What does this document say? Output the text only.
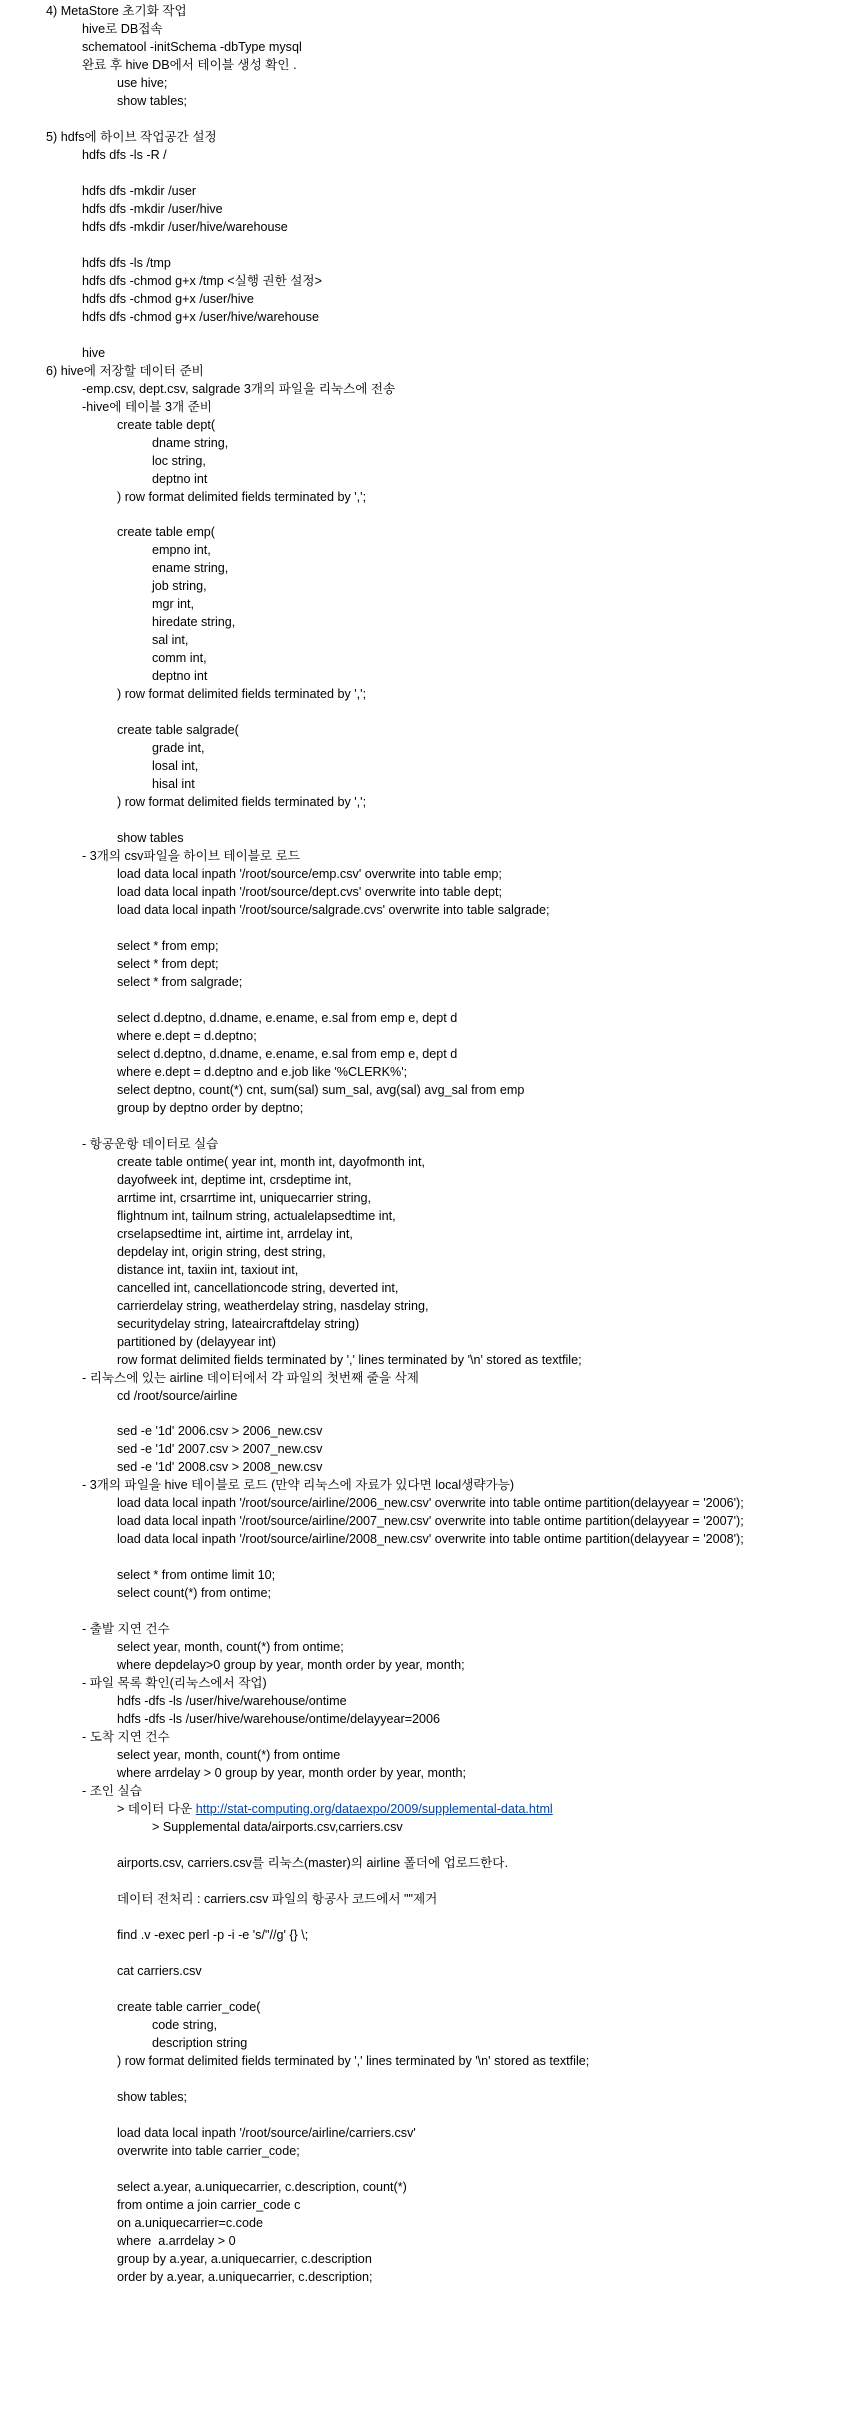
4) MetaStore 초기화 작업
hive로 DB접속
schematool -initSchema -dbType mysql
완료 후 hive DB에서 테이블 생성 확인 .
use hive;
show tables;
5) hdfs에 하이브 작업공간 설정
hdfs dfs -ls -R /
hdfs dfs -mkdir /user
hdfs dfs -mkdir /user/hive
hdfs dfs -mkdir /user/hive/warehouse
hdfs dfs -ls /tmp
hdfs dfs -chmod g+x /tmp <실행 권한 설정>
hdfs dfs -chmod g+x /user/hive
hdfs dfs -chmod g+x /user/hive/warehouse
hive
6) hive에 저장할 데이터 준비
-emp.csv, dept.csv, salgrade 3개의 파일을 리눅스에 전송
-hive에 테이블 3개 준비
create table dept(
dname string,
loc string,
deptno int
) row format delimited fields terminated by ',';
create table emp(
empno int,
ename string,
job string,
mgr int,
hiredate string,
sal int,
comm int,
deptno int
) row format delimited fields terminated by ',';
create table salgrade(
grade int,
losal int,
hisal int
) row format delimited fields terminated by ',';
show tables
- 3개의 csv파일을 하이브 테이블로 로드
load data local inpath '/root/source/emp.csv' overwrite into table emp;
load data local inpath '/root/source/dept.cvs' overwrite into table dept;
load data local inpath '/root/source/salgrade.cvs' overwrite into table salgrade;
select * from emp;
select * from dept;
select * from salgrade;
select d.deptno, d.dname, e.ename, e.sal from emp e, dept d
where e.dept = d.deptno;
select d.deptno, d.dname, e.ename, e.sal from emp e, dept d
where e.dept = d.deptno and e.job like '%CLERK%';
select deptno, count(*) cnt, sum(sal) sum_sal, avg(sal) avg_sal from emp
group by deptno order by deptno;
- 항공운항 데이터로 실습
create table ontime( year int, month int, dayofmonth int,
dayofweek int, deptime int, crsdeptime int,
arrtime int, crsarrtime int, uniquecarrier string,
flightnum int, tailnum string, actualelapsedtime int,
crselapsedtime int, airtime int, arrdelay int,
depdelay int, origin string, dest string,
distance int, taxiin int, taxiout int,
cancelled int, cancellationcode string, deverted int,
carrierdelay string, weatherdelay string, nasdelay string,
securitydelay string, lateaircraftdelay string)
partitioned by (delayyear int)
row format delimited fields terminated by ',' lines terminated by '\n' stored as textfile;
- 리눅스에 있는 airline 데이터에서 각 파일의 첫번째 줄을 삭제
cd /root/source/airline
sed -e '1d' 2006.csv > 2006_new.csv
sed -e '1d' 2007.csv > 2007_new.csv
sed -e '1d' 2008.csv > 2008_new.csv
- 3개의 파일을 hive 테이블로 로드 (만약 리눅스에 자료가 있다면 local생략가능)
load data local inpath '/root/source/airline/2006_new.csv' overwrite into table ontime partition(delayyear = '2006');
load data local inpath '/root/source/airline/2007_new.csv' overwrite into table ontime partition(delayyear = '2007');
load data local inpath '/root/source/airline/2008_new.csv' overwrite into table ontime partition(delayyear = '2008');
select * from ontime limit 10;
select count(*) from ontime;
- 출발 지연 건수
select year, month, count(*) from ontime;
where depdelay>0 group by year, month order by year, month;
- 파일 목록 확인(리눅스에서 작업)
hdfs -dfs -ls /user/hive/warehouse/ontime
hdfs -dfs -ls /user/hive/warehouse/ontime/delayyear=2006
- 도착 지연 건수
select year, month, count(*) from ontime
where arrdelay > 0 group by year, month order by year, month;
- 조인 실습
> 데이터 다운 http://stat-computing.org/dataexpo/2009/supplemental-data.html
> Supplemental data/airports.csv,carriers.csv
airports.csv, carriers.csv를 리눅스(master)의 airline 폴더에 업로드한다.
데이터 전처리 : carriers.csv 파일의 항공사 코드에서 ""제거
find .v -exec perl -p -i -e 's/"//g' {} \;
cat carriers.csv
create table carrier_code(
code string,
description string
) row format delimited fields terminated by ',' lines terminated by '\n' stored as textfile;
show tables;
load data local inpath '/root/source/airline/carriers.csv'
overwrite into table carrier_code;
select a.year, a.uniquecarrier, c.description, count(*)
from ontime a join carrier_code c
on a.uniquecarrier=c.code
where  a.arrdelay > 0
group by a.year, a.uniquecarrier, c.description
order by a.year, a.uniquecarrier, c.description;
